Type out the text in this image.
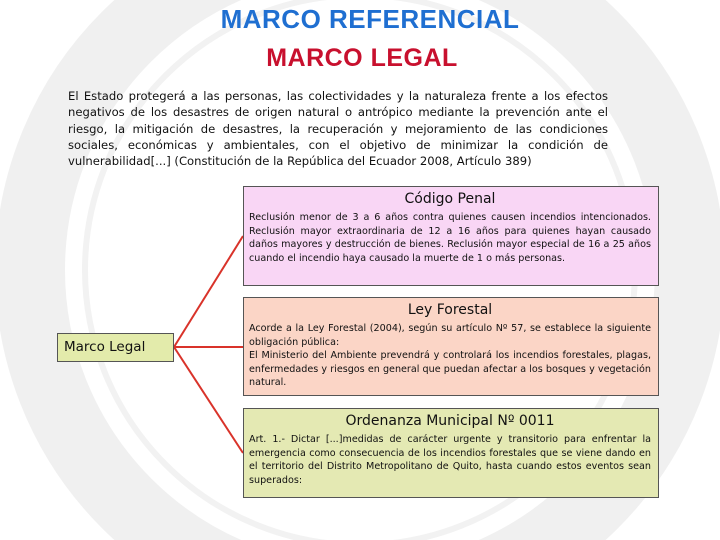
MARCO REFERENCIAL
MARCO LEGAL
El Estado protegerá a las personas, las colectividades y la naturaleza frente a los efectos negativos de los desastres de origen natural o antrópico mediante la prevención ante el riesgo, la mitigación de desastres, la recuperación y mejoramiento de las condiciones sociales, económicas y ambientales, con el objetivo de minimizar la condición de vulnerabilidad[...] (Constitución de la República del Ecuador 2008, Artículo 389)
Marco Legal
Código Penal

Reclusión menor de 3 a 6 años contra quienes causen incendios intencionados. Reclusión mayor extraordinaria de 12 a 16 años para quienes hayan causado daños mayores y destrucción de bienes. Reclusión mayor especial de 16 a 25 años cuando el incendio haya causado la muerte de 1 o más personas.

Ley Forestal

Acorde a la Ley Forestal (2004), según su artículo Nº 57, se establece la siguiente obligación pública:

El Ministerio del Ambiente prevendrá y controlará los incendios forestales, plagas, enfermedades y riesgos en general que puedan afectar a los bosques y vegetación natural.

Ordenanza Municipal Nº 0011

Art. 1.- Dictar [...]medidas de carácter urgente y transitorio para enfrentar la emergencia como consecuencia de los incendios forestales que se viene dando en el territorio del Distrito Metropolitano de Quito, hasta cuando estos eventos sean superados:
